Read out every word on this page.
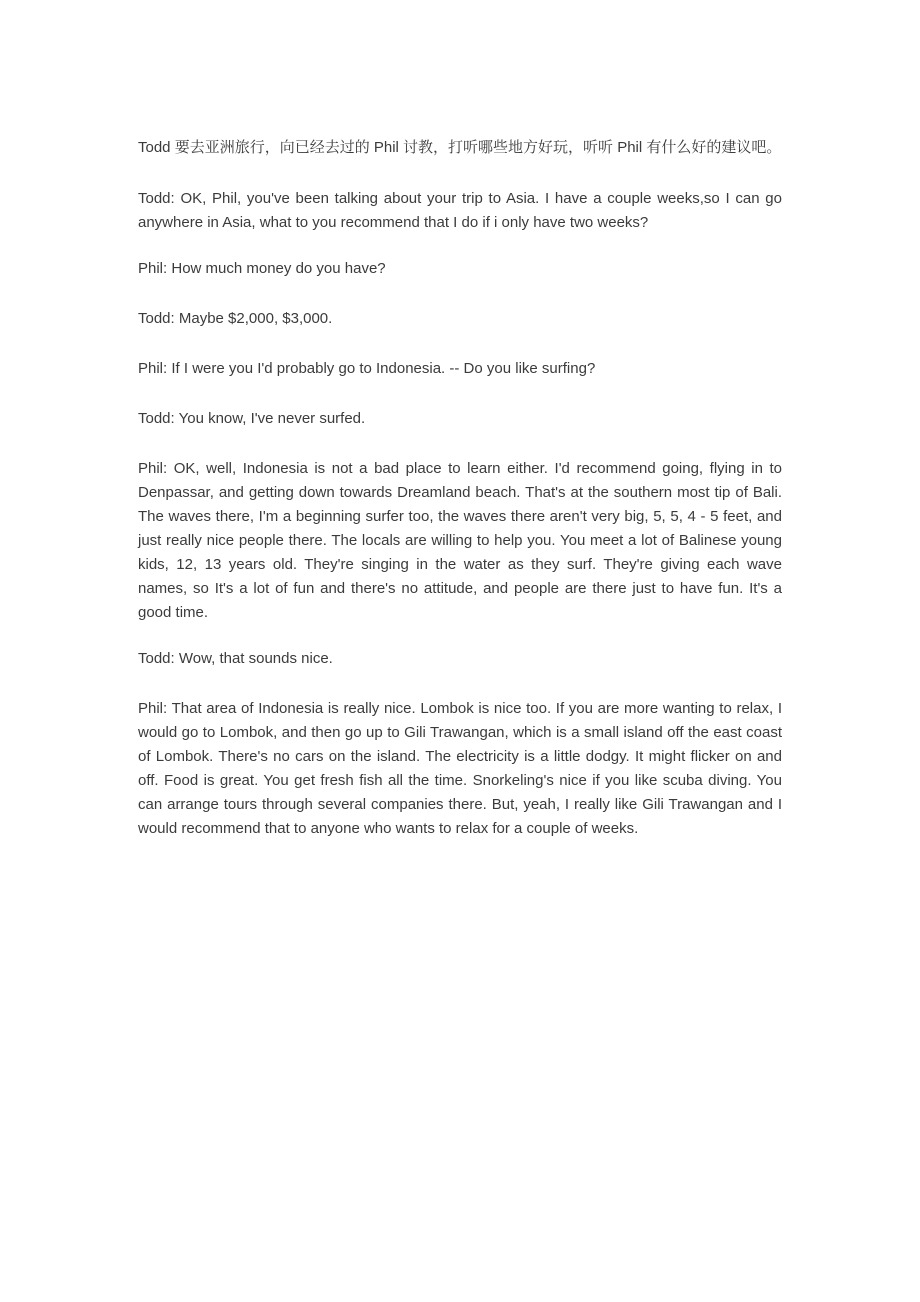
Todd 要去亚洲旅行，向已经去过的 Phil 讨教，打听哪些地方好玩，听听 Phil 有什么好的建议吧。

Todd: OK, Phil, you've been talking about your trip to Asia. I have a couple weeks,so I can go anywhere in Asia, what to you recommend that I do if i only have two weeks?

Phil: How much money do you have?

Todd: Maybe $2,000, $3,000.

Phil: If I were you I'd probably go to Indonesia. -- Do you like surfing?

Todd: You know, I've never surfed.

Phil: OK, well, Indonesia is not a bad place to learn either. I'd recommend going, flying in to Denpassar, and getting down towards Dreamland beach. That's at the southern most tip of Bali. The waves there, I'm a beginning surfer too, the waves there aren't very big, 5, 5, 4 - 5 feet, and just really nice people there. The locals are willing to help you. You meet a lot of Balinese young kids, 12, 13 years old. They're singing in the water as they surf. They're giving each wave names, so It's a lot of fun and there's no attitude, and people are there just to have fun. It's a good time.

Todd: Wow, that sounds nice.

Phil: That area of Indonesia is really nice. Lombok is nice too. If you are more wanting to relax, I would go to Lombok, and then go up to Gili Trawangan, which is a small island off the east coast of Lombok. There's no cars on the island. The electricity is a little dodgy. It might flicker on and off. Food is great. You get fresh fish all the time. Snorkeling's nice if you like scuba diving. You can arrange tours through several companies there. But, yeah, I really like Gili Trawangan and I would recommend that to anyone who wants to relax for a couple of weeks.
